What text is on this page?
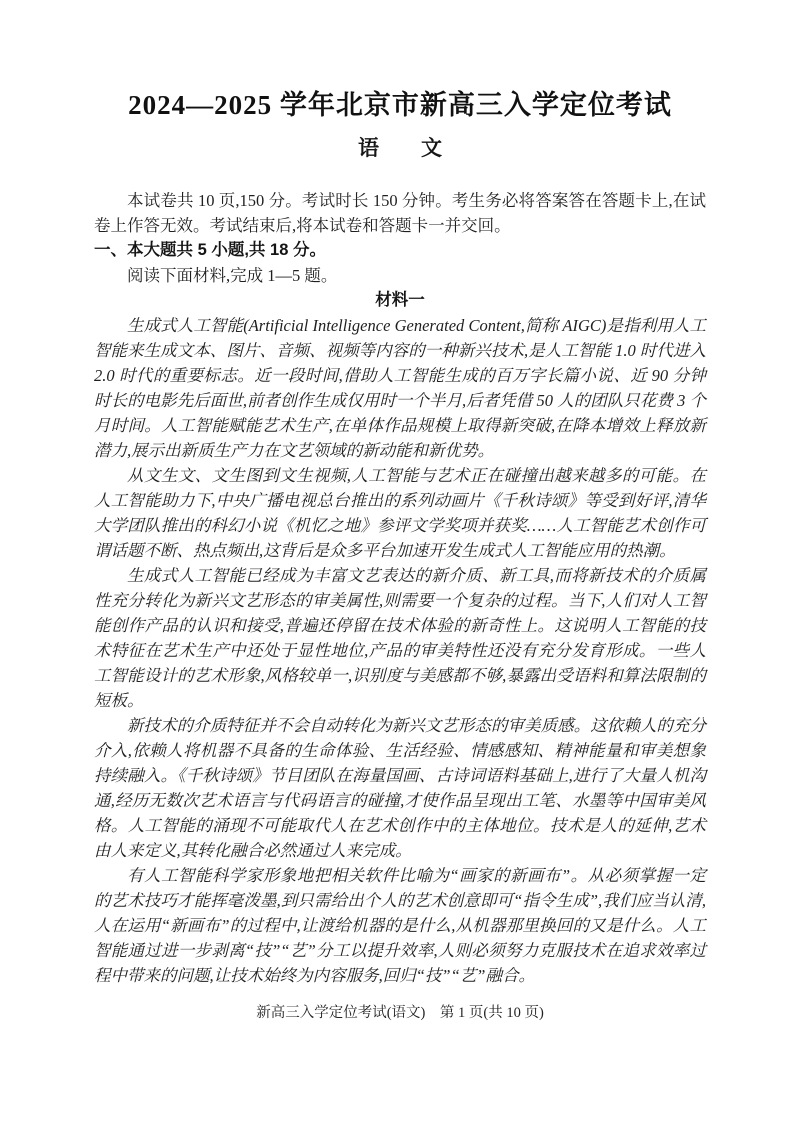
2024—2025 学年北京市新高三入学定位考试
语　　文

本试卷共 10 页,150 分。考试时长 150 分钟。考生务必将答案答在答题卡上,在试卷上作答无效。考试结束后,将本试卷和答题卡一并交回。

一、本大题共 5 小题,共 18 分。

阅读下面材料,完成 1—5 题。

材料一

生成式人工智能(Artificial Intelligence Generated Content,简称 AIGC)是指利用人工智能来生成文本、图片、音频、视频等内容的一种新兴技术,是人工智能 1.0 时代进入 2.0 时代的重要标志。近一段时间,借助人工智能生成的百万字长篇小说、近 90 分钟时长的电影先后面世,前者创作生成仅用时一个半月,后者凭借 50 人的团队只花费 3 个月时间。人工智能赋能艺术生产,在单体作品规模上取得新突破,在降本增效上释放新潜力,展示出新质生产力在文艺领域的新动能和新优势。

从文生文、文生图到文生视频,人工智能与艺术正在碰撞出越来越多的可能。在人工智能助力下,中央广播电视总台推出的系列动画片《千秋诗颂》等受到好评,清华大学团队推出的科幻小说《机忆之地》参评文学奖项并获奖……人工智能艺术创作可谓话题不断、热点频出,这背后是众多平台加速开发生成式人工智能应用的热潮。

生成式人工智能已经成为丰富文艺表达的新介质、新工具,而将新技术的介质属性充分转化为新兴文艺形态的审美属性,则需要一个复杂的过程。当下,人们对人工智能创作产品的认识和接受,普遍还停留在技术体验的新奇性上。这说明人工智能的技术特征在艺术生产中还处于显性地位,产品的审美特性还没有充分发育形成。一些人工智能设计的艺术形象,风格较单一,识别度与美感都不够,暴露出受语料和算法限制的短板。

新技术的介质特征并不会自动转化为新兴文艺形态的审美质感。这依赖人的充分介入,依赖人将机器不具备的生命体验、生活经验、情感感知、精神能量和审美想象持续融入。《千秋诗颂》节目团队在海量国画、古诗词语料基础上,进行了大量人机沟通,经历无数次艺术语言与代码语言的碰撞,才使作品呈现出工笔、水墨等中国审美风格。人工智能的涌现不可能取代人在艺术创作中的主体地位。技术是人的延伸,艺术由人来定义,其转化融合必然通过人来完成。

有人工智能科学家形象地把相关软件比喻为“画家的新画布”。从必须掌握一定的艺术技巧才能挥毫泼墨,到只需给出个人的艺术创意即可“指令生成”,我们应当认清,人在运用“新画布”的过程中,让渡给机器的是什么,从机器那里换回的又是什么。人工智能通过进一步剥离“技”“艺”分工以提升效率,人则必须努力克服技术在追求效率过程中带来的问题,让技术始终为内容服务,回归“技”“艺”融合。

新高三入学定位考试(语文)　第 1 页(共 10 页)
